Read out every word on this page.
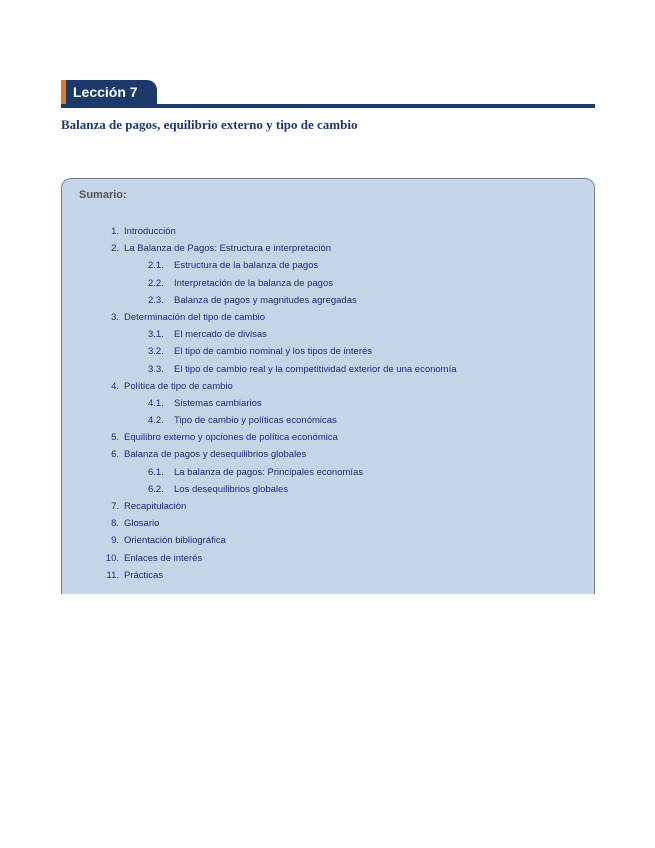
Lección 7
Balanza de pagos, equilibrio externo y tipo de cambio
Sumario:
1. Introducción
2. La Balanza de Pagos: Estructura e interpretación
2.1.	Estructura de la balanza de pagos
2.2.	Interpretación de la balanza de pagos
2.3.	Balanza de pagos y magnitudes agregadas
3. Determinación del tipo de cambio
3.1.	El mercado de divisas
3.2.	El tipo de cambio nominal y los tipos de interés
3.3.	El tipo de cambio real y la competitividad exterior de una economía
4. Política de tipo de cambio
4.1.	Sistemas cambiarios
4.2.	Tipo de cambio y políticas económicas
5. Equilibro externo y opciones de política económica
6. Balanza de pagos y desequilibrios globales
6.1.	La balanza de pagos: Principales economías
6.2.	Los desequilibrios globales
7. Recapitulación
8. Glosario
9. Orientación bibliográfica
10. Enlaces de interés
11. Prácticas
